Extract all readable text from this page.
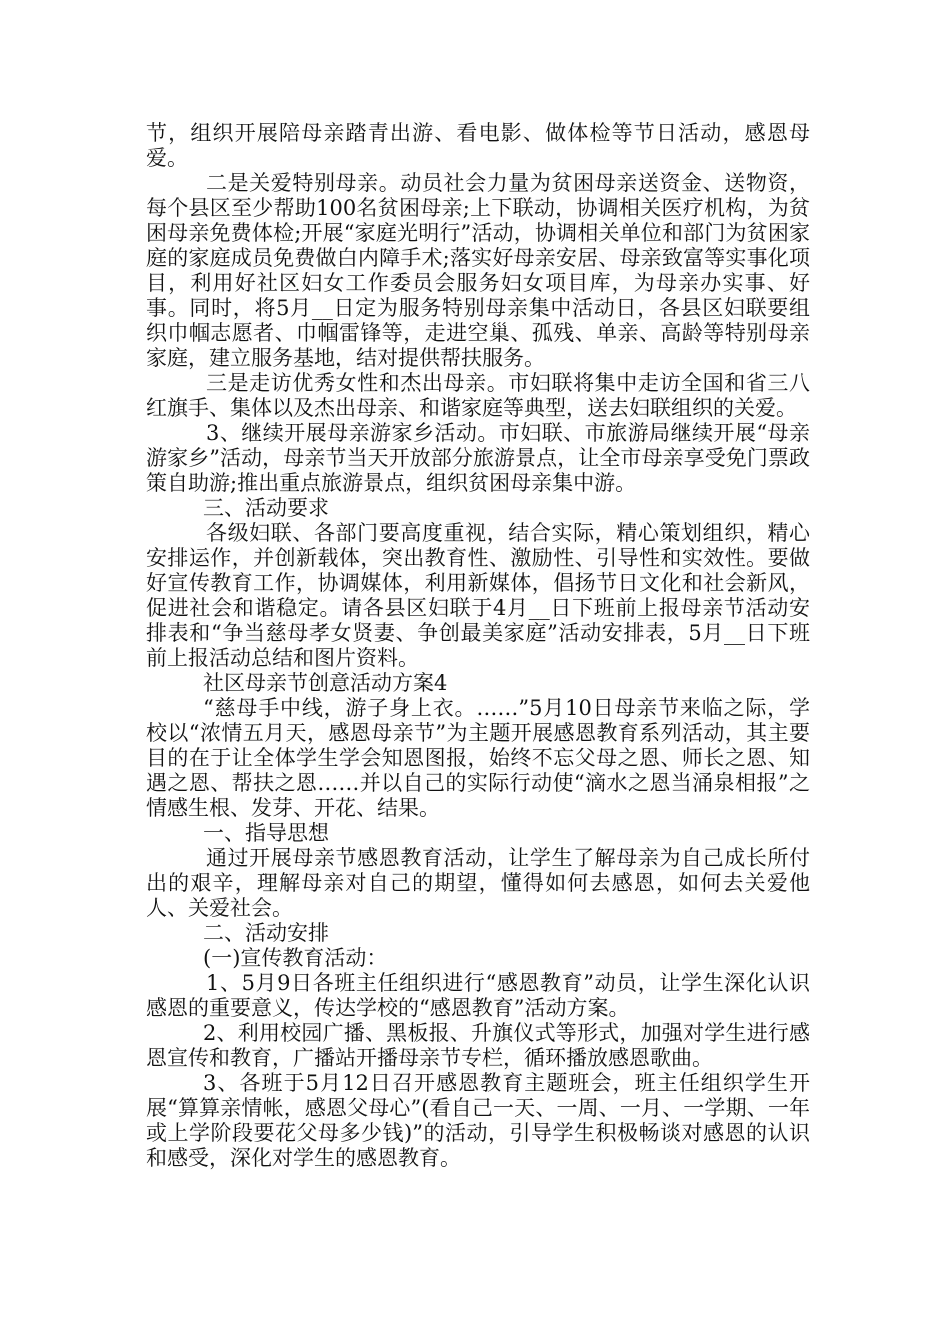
节，组织开展陪母亲踏青出游、看电影、做体检等节日活动，感恩母爱。

二是关爱特别母亲。动员社会力量为贫困母亲送资金、送物资，每个县区至少帮助100名贫困母亲;上下联动，协调相关医疗机构，为贫困母亲免费体检;开展“家庭光明行”活动，协调相关单位和部门为贫困家庭的家庭成员免费做白内障手术;落实好母亲安居、母亲致富等实事化项目，利用好社区妇女工作委员会服务妇女项目库，为母亲办实事、好事。同时，将5月__日定为服务特别母亲集中活动日，各县区妇联要组织巾帼志愿者、巾帼雷锋等，走进空巢、孤残、单亲、高龄等特别母亲家庭，建立服务基地，结对提供帮扶服务。

三是走访优秀女性和杰出母亲。市妇联将集中走访全国和省三八红旗手、集体以及杰出母亲、和谐家庭等典型，送去妇联组织的关爱。

3、继续开展母亲游家乡活动。市妇联、市旅游局继续开展“母亲游家乡”活动，母亲节当天开放部分旅游景点，让全市母亲享受免门票政策自助游;推出重点旅游景点，组织贫困母亲集中游。

三、活动要求

各级妇联、各部门要高度重视，结合实际，精心策划组织，精心安排运作，并创新载体，突出教育性、激励性、引导性和实效性。要做好宣传教育工作，协调媒体，利用新媒体，倡扬节日文化和社会新风，促进社会和谐稳定。请各县区妇联于4月__日下班前上报母亲节活动安排表和“争当慈母孝女贤妻、争创最美家庭”活动安排表，5月__日下班前上报活动总结和图片资料。

社区母亲节创意活动方案4

“慈母手中线，游子身上衣。……”5月10日母亲节来临之际，学校以“浓情五月天，感恩母亲节”为主题开展感恩教育系列活动，其主要目的在于让全体学生学会知恩图报，始终不忘父母之恩、师长之恩、知遇之恩、帮扶之恩……并以自己的实际行动使“滴水之恩当涌泉相报”之情感生根、发芽、开花、结果。

一、指导思想

通过开展母亲节感恩教育活动，让学生了解母亲为自己成长所付出的艰辛，理解母亲对自己的期望，懂得如何去感恩，如何去关爱他人、关爱社会。

二、活动安排

(一)宣传教育活动：

1、5月9日各班主任组织进行“感恩教育”动员，让学生深化认识感恩的重要意义，传达学校的“感恩教育”活动方案。

2、利用校园广播、黑板报、升旗仪式等形式，加强对学生进行感恩宣传和教育，广播站开播母亲节专栏，循环播放感恩歌曲。

3、各班于5月12日召开感恩教育主题班会，班主任组织学生开展“算算亲情帐，感恩父母心”(看自己一天、一周、一月、一学期、一年或上学阶段要花父母多少钱)”的活动，引导学生积极畅谈对感恩的认识和感受，深化对学生的感恩教育。
